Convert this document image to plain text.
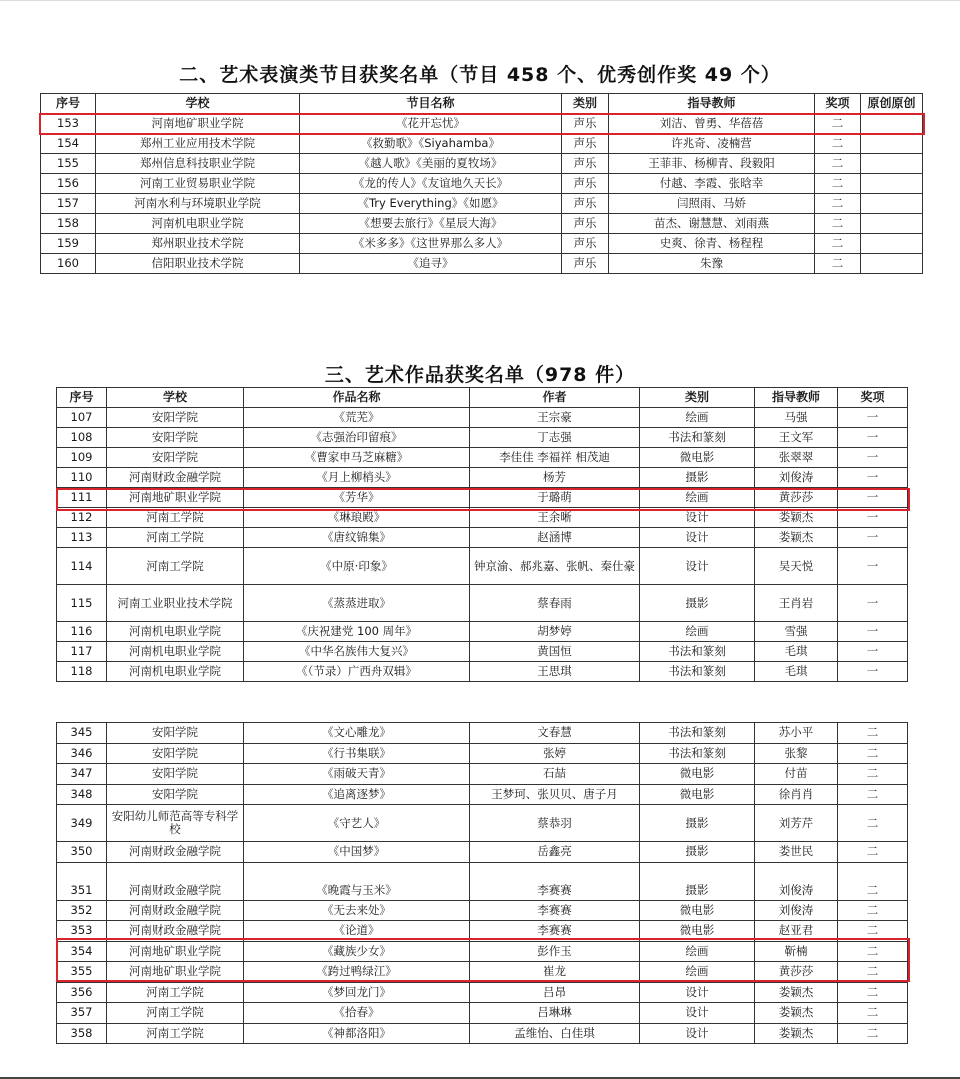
二、艺术表演类节目获奖名单（节目 458 个、优秀创作奖 49 个）
序号	学校	节目名称	类别	指导教师	奖项	原创原创
153	河南地矿职业学院	《花开忘忧》	声乐	刘洁、曾勇、华蓓蓓	二	
154	郑州工业应用技术学院	《救勤歌》《Siyahamba》	声乐	许兆奇、凌楠营	二	
155	郑州信息科技职业学院	《越人歌》《美丽的夏牧场》	声乐	王菲菲、杨柳青、段毅阳	二	
156	河南工业贸易职业学院	《龙的传人》《友谊地久天长》	声乐	付越、李霞、张晗幸	二	
157	河南水利与环境职业学院	《Try Everything》《如愿》	声乐	闫照雨、马娇	二	
158	河南机电职业学院	《想要去旅行》《星辰大海》	声乐	苗杰、谢慧慧、刘雨燕	二	
159	郑州职业技术学院	《米多多》《这世界那么多人》	声乐	史爽、徐青、杨程程	二	
160	信阳职业技术学院	《追寻》	声乐	朱豫	二	
三、艺术作品获奖名单（978 件）
序号	学校	作品名称	作者	类别	指导教师	奖项
107	安阳学院	《荒芜》	王宗豪	绘画	马强	一
108	安阳学院	《志强治印留痕》	丁志强	书法和篆刻	王文军	一
109	安阳学院	《曹家申马芝麻糖》	李佳佳 李福祥 相茂迪	微电影	张翠翠	一
110	河南财政金融学院	《月上柳梢头》	杨芳	摄影	刘俊涛	一
111	河南地矿职业学院	《芳华》	于璐萌	绘画	黄莎莎	一
112	河南工学院	《琳琅殿》	王余晰	设计	娄颖杰	一
113	河南工学院	《唐纹锦集》	赵涵博	设计	娄颖杰	一
114	河南工学院	《中原·印象》	钟京渝、郝兆嘉、张帆、秦仕豪	设计	吴天悦	一
115	河南工业职业技术学院	《蒸蒸进取》	蔡春雨	摄影	王肖岩	一
116	河南机电职业学院	《庆祝建党 100 周年》	胡梦婷	绘画	雪强	一
117	河南机电职业学院	《中华名族伟大复兴》	黄国恒	书法和篆刻	毛琪	一
118	河南机电职业学院	《（节录）广西舟双辑》	王思琪	书法和篆刻	毛琪	一
345	安阳学院	《文心雕龙》	文春慧	书法和篆刻	苏小平	二
346	安阳学院	《行书集联》	张婷	书法和篆刻	张黎	二
347	安阳学院	《雨破天青》	石喆	微电影	付苗	二
348	安阳学院	《追离逐梦》	王梦珂、张贝贝、唐子月	微电影	徐肖肖	二
349	安阳幼儿师范高等专科学校	《守艺人》	蔡恭羽	摄影	刘芳芹	二
350	河南财政金融学院	《中国梦》	岳鑫亮	摄影	娄世民	二
351	河南财政金融学院	《晚霞与玉米》	李赛赛	摄影	刘俊涛	二
352	河南财政金融学院	《无去来处》	李赛赛	微电影	刘俊涛	二
353	河南财政金融学院	《论道》	李赛赛	微电影	赵亚君	二
354	河南地矿职业学院	《藏族少女》	彭作玉	绘画	靳楠	二
355	河南地矿职业学院	《跨过鸭绿江》	崔龙	绘画	黄莎莎	二
356	河南工学院	《梦回龙门》	吕昂	设计	娄颖杰	二
357	河南工学院	《拾春》	吕琳琳	设计	娄颖杰	二
358	河南工学院	《神都洛阳》	孟维怡、白佳琪	设计	娄颖杰	二
